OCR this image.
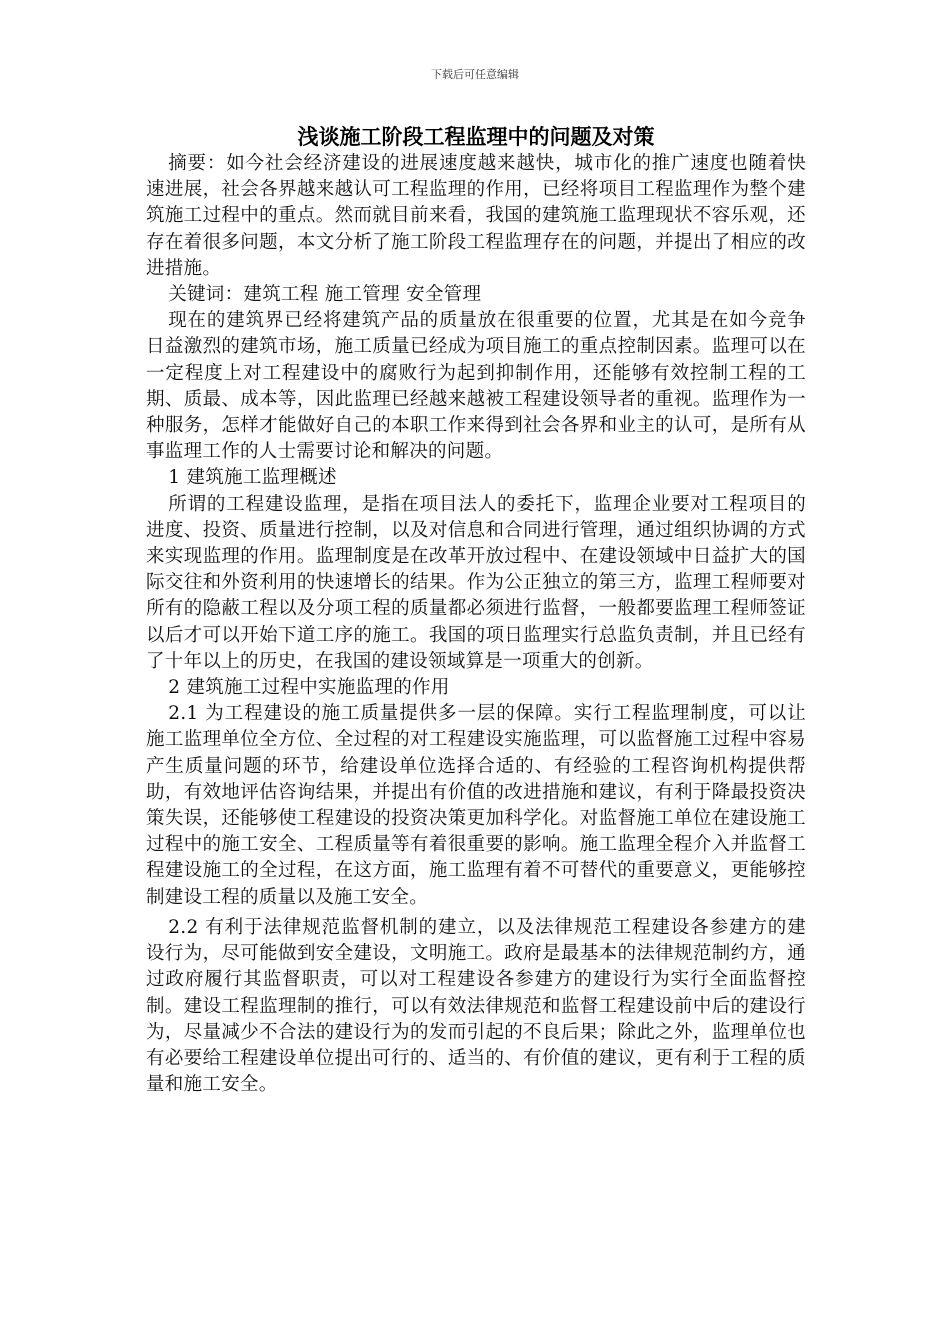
下载后可任意编辑
浅谈施工阶段工程监理中的问题及对策

摘要：如今社会经济建设的进展速度越来越快，城市化的推广速度也随着快速进展，社会各界越来越认可工程监理的作用，已经将项目工程监理作为整个建筑施工过程中的重点。然而就目前来看，我国的建筑施工监理现状不容乐观，还存在着很多问题，本文分析了施工阶段工程监理存在的问题，并提出了相应的改进措施。

关键词：建筑工程 施工管理 安全管理

现在的建筑界已经将建筑产品的质量放在很重要的位置，尤其是在如今竞争日益激烈的建筑市场，施工质量已经成为项目施工的重点控制因素。监理可以在一定程度上对工程建设中的腐败行为起到抑制作用，还能够有效控制工程的工期、质最、成本等，因此监理已经越来越被工程建设领导者的重视。监理作为一种服务，怎样才能做好自己的本职工作来得到社会各界和业主的认可，是所有从事监理工作的人士需要讨论和解决的问题。

1 建筑施工监理概述

所谓的工程建设监理，是指在项目法人的委托下，监理企业要对工程项目的进度、投资、质量进行控制，以及对信息和合同进行管理，通过组织协调的方式来实现监理的作用。监理制度是在改革开放过程中、在建设领域中日益扩大的国际交往和外资利用的快速增长的结果。作为公正独立的第三方，监理工程师要对所有的隐蔽工程以及分项工程的质量都必须进行监督，一般都要监理工程师签证以后才可以开始下道工序的施工。我国的项日监理实行总监负责制，并且已经有了十年以上的历史，在我国的建设领域算是一项重大的创新。

2 建筑施工过程中实施监理的作用

2.1 为工程建设的施工质量提供多一层的保障。实行工程监理制度，可以让施工监理单位全方位、全过程的对工程建设实施监理，可以监督施工过程中容易产生质量问题的环节，给建设单位选择合适的、有经验的工程咨询机构提供帮助，有效地评估咨询结果，并提出有价值的改进措施和建议，有利于降最投资决策失误，还能够使工程建设的投资决策更加科学化。对监督施工单位在建设施工过程中的施工安全、工程质量等有着很重要的影响。施工监理全程介入并监督工程建设施工的全过程，在这方面，施工监理有着不可替代的重要意义，更能够控制建设工程的质量以及施工安全。

2.2 有利于法律规范监督机制的建立，以及法律规范工程建设各参建方的建设行为，尽可能做到安全建设，文明施工。政府是最基本的法律规范制约方，通过政府履行其监督职责，可以对工程建设各参建方的建设行为实行全面监督控制。建设工程监理制的推行，可以有效法律规范和监督工程建设前中后的建设行为，尽量减少不合法的建设行为的发而引起的不良后果；除此之外，监理单位也有必要给工程建设单位提出可行的、适当的、有价值的建议，更有利于工程的质量和施工安全。
